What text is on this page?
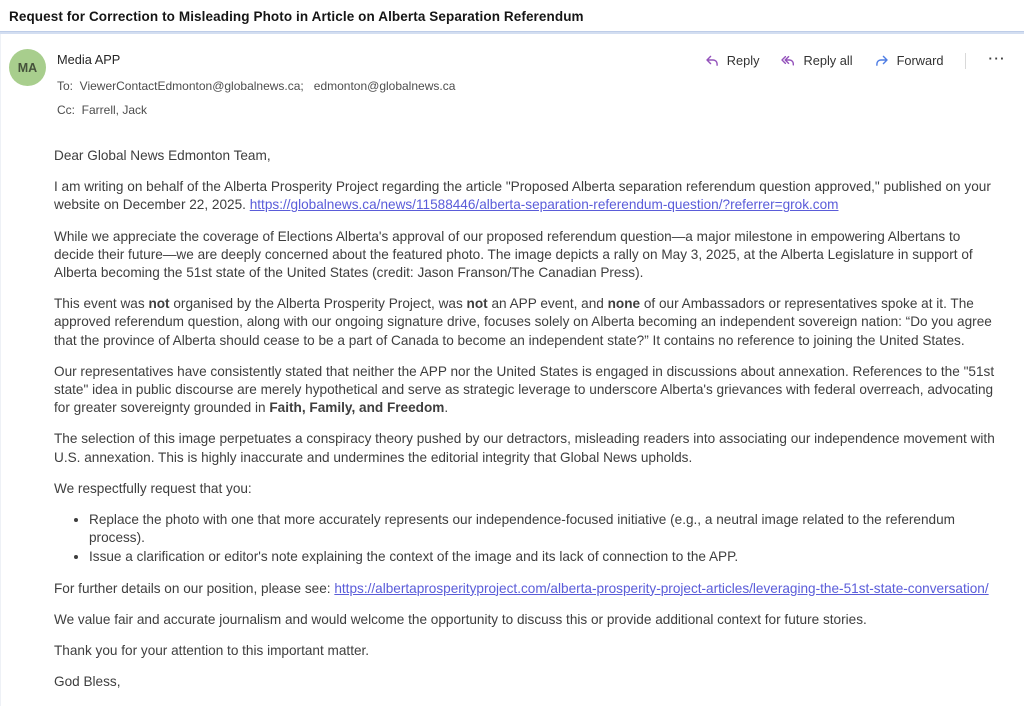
Request for Correction to Misleading Photo in Article on Alberta Separation Referendum
MA
Media APP
To:  ViewerContactEdmonton@globalnews.ca;   edmonton@globalnews.ca
Cc:  Farrell, Jack
Reply	Reply all	Forward	···

Dear Global News Edmonton Team,

I am writing on behalf of the Alberta Prosperity Project regarding the article "Proposed Alberta separation referendum question approved," published on your website on December 22, 2025. https://globalnews.ca/news/11588446/alberta-separation-referendum-question/?referrer=grok.com

While we appreciate the coverage of Elections Alberta's approval of our proposed referendum question—a major milestone in empowering Albertans to decide their future—we are deeply concerned about the featured photo. The image depicts a rally on May 3, 2025, at the Alberta Legislature in support of Alberta becoming the 51st state of the United States (credit: Jason Franson/The Canadian Press).

This event was not organised by the Alberta Prosperity Project, was not an APP event, and none of our Ambassadors or representatives spoke at it. The approved referendum question, along with our ongoing signature drive, focuses solely on Alberta becoming an independent sovereign nation: “Do you agree that the province of Alberta should cease to be a part of Canada to become an independent state?” It contains no reference to joining the United States.

Our representatives have consistently stated that neither the APP nor the United States is engaged in discussions about annexation. References to the "51st state" idea in public discourse are merely hypothetical and serve as strategic leverage to underscore Alberta's grievances with federal overreach, advocating for greater sovereignty grounded in Faith, Family, and Freedom.

The selection of this image perpetuates a conspiracy theory pushed by our detractors, misleading readers into associating our independence movement with U.S. annexation. This is highly inaccurate and undermines the editorial integrity that Global News upholds.

We respectfully request that you:

• Replace the photo with one that more accurately represents our independence-focused initiative (e.g., a neutral image related to the referendum process).
• Issue a clarification or editor's note explaining the context of the image and its lack of connection to the APP.

For further details on our position, please see: https://albertaprosperityproject.com/alberta-prosperity-project-articles/leveraging-the-51st-state-conversation/

We value fair and accurate journalism and would welcome the opportunity to discuss this or provide additional context for future stories.

Thank you for your attention to this important matter.

God Bless,
